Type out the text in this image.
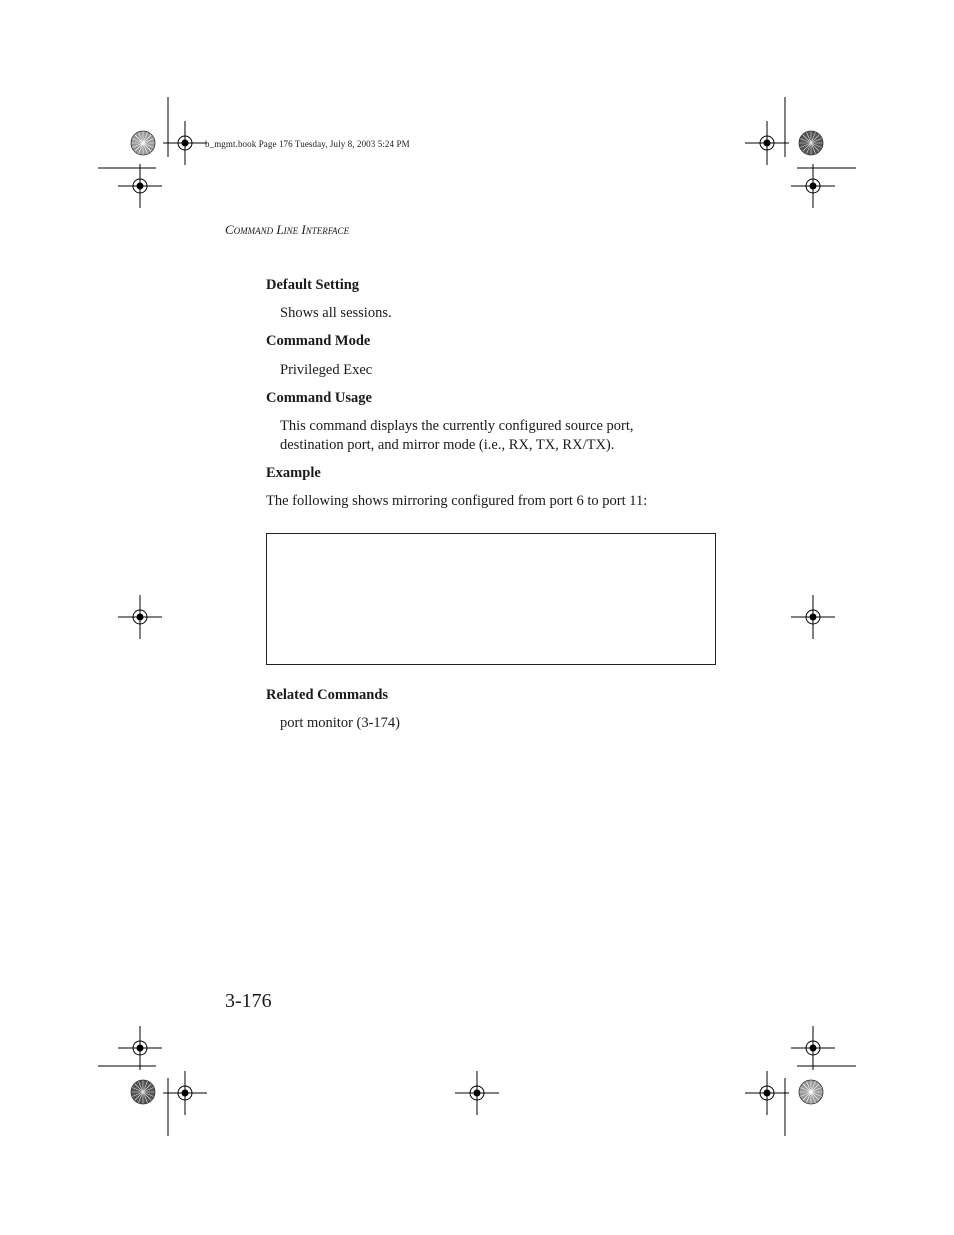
b_mgmt.book Page 176 Tuesday, July 8, 2003 5:24 PM
Command Line Interface
Default Setting
Shows all sessions.
Command Mode
Privileged Exec
Command Usage
This command displays the currently configured source port,
destination port, and mirror mode (i.e., RX, TX, RX/TX).
Example
The following shows mirroring configured from port 6 to port 11:
Related Commands
port monitor (3-174)
3-176
